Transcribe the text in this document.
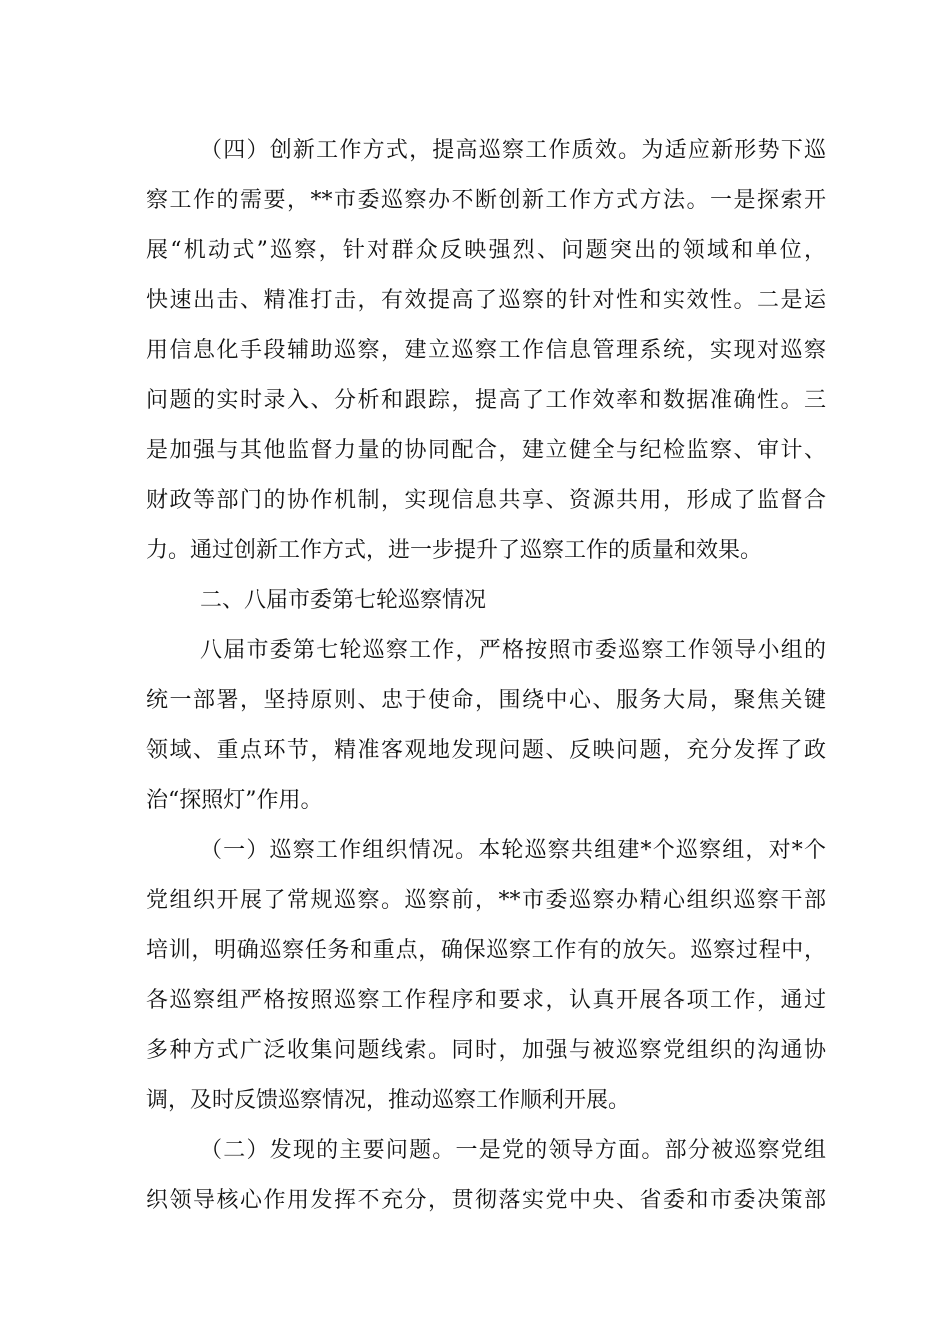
（四）创新工作方式，提高巡察工作质效。为适应新形势下巡
察工作的需要，**市委巡察办不断创新工作方式方法。一是探索开
展“机动式”巡察，针对群众反映强烈、问题突出的领域和单位，
快速出击、精准打击，有效提高了巡察的针对性和实效性。二是运
用信息化手段辅助巡察，建立巡察工作信息管理系统，实现对巡察
问题的实时录入、分析和跟踪，提高了工作效率和数据准确性。三
是加强与其他监督力量的协同配合，建立健全与纪检监察、审计、
财政等部门的协作机制，实现信息共享、资源共用，形成了监督合
力。通过创新工作方式，进一步提升了巡察工作的质量和效果。
二、八届市委第七轮巡察情况
八届市委第七轮巡察工作，严格按照市委巡察工作领导小组的
统一部署，坚持原则、忠于使命，围绕中心、服务大局，聚焦关键
领域、重点环节，精准客观地发现问题、反映问题，充分发挥了政
治“探照灯”作用。
（一）巡察工作组织情况。本轮巡察共组建*个巡察组，对*个
党组织开展了常规巡察。巡察前，**市委巡察办精心组织巡察干部
培训，明确巡察任务和重点，确保巡察工作有的放矢。巡察过程中，
各巡察组严格按照巡察工作程序和要求，认真开展各项工作，通过
多种方式广泛收集问题线索。同时，加强与被巡察党组织的沟通协
调，及时反馈巡察情况，推动巡察工作顺利开展。
（二）发现的主要问题。一是党的领导方面。部分被巡察党组
织领导核心作用发挥不充分，贯彻落实党中央、省委和市委决策部
